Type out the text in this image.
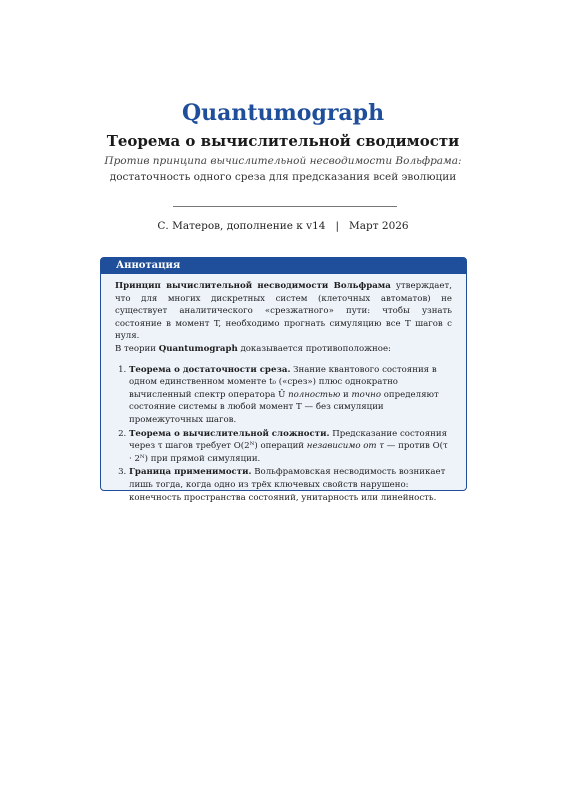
Quantumograph
Теорема о вычислительной сводимости
Против принципа вычислительной несводимости Вольфрама:
достаточность одного среза для предсказания всей эволюции
С. Матеров, дополнение к v14 | Март 2026
Аннотация

Принцип вычислительной несводимости Вольфрама утверждает, что для многих дискретных систем (клеточных автоматов) не существует аналитического «срезжатного» пути: чтобы узнать состояние в момент T, необходимо прогнать симуляцию все T шагов с нуля.

В теории Quantumograph доказывается противоположное:

1. Теорема о достаточности среза. Знание квантового состояния в одном единственном моменте t₀ («срез») плюс однократно вычисленный спектр оператора Û полностью и точно определяют состояние системы в любой момент T — без симуляции промежуточных шагов.
2. Теорема о вычислительной сложности. Предсказание состояния через τ шагов требует O(2ᴺ) операций независимо от τ — против O(τ · 2ᴺ) при прямой симуляции.
3. Граница применимости. Вольфрамовская несводимость возникает лишь тогда, когда одно из трёх ключевых свойств нарушено: конечность пространства состояний, унитарность или линейность.
